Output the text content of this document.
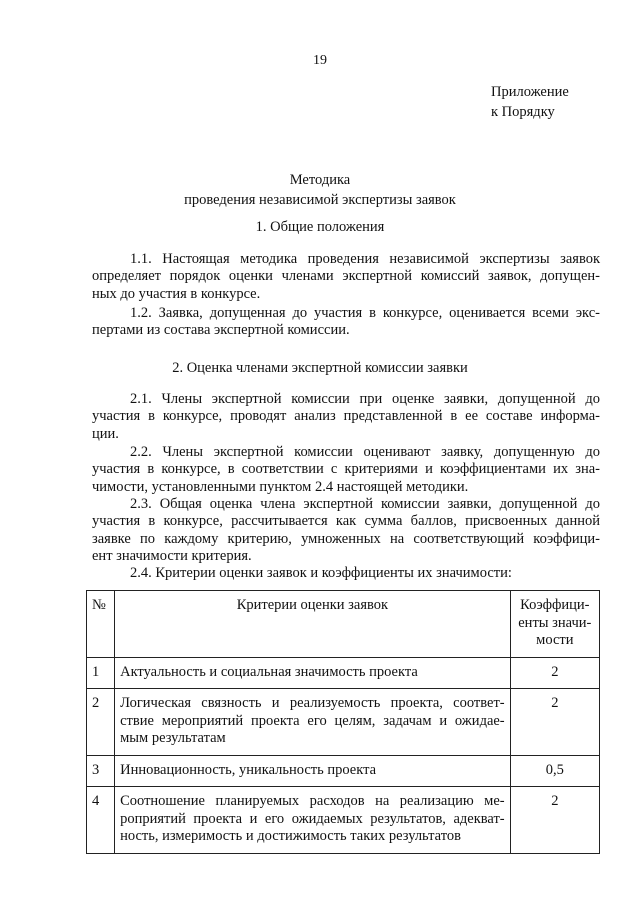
19
Приложение
к Порядку
Методика
проведения независимой экспертизы заявок
1. Общие положения
1.1. Настоящая методика проведения независимой экспертизы заявок
определяет порядок оценки членами экспертной комиссий заявок, допущен-
ных до участия в конкурсе.
1.2. Заявка, допущенная до участия в конкурсе, оценивается всеми экс-
пертами из состава экспертной комиссии.
2. Оценка членами экспертной комиссии заявки
2.1. Члены экспертной комиссии при оценке заявки, допущенной до
участия в конкурсе, проводят анализ представленной в ее составе информа-
ции.
2.2. Члены экспертной комиссии оценивают заявку, допущенную до
участия в конкурсе, в соответствии с критериями и коэффициентами их зна-
чимости, установленными пунктом 2.4 настоящей методики.
2.3. Общая оценка члена экспертной комиссии заявки, допущенной до
участия в конкурсе, рассчитывается как сумма баллов, присвоенных данной
заявке по каждому критерию, умноженных на соответствующий коэффици-
ент значимости критерия.
2.4. Критерии оценки заявок и коэффициенты их значимости:
№	Критерии оценки заявок	Коэффици-
енты значи-
мости

1	Актуальность и социальная значимость проекта	2
2	Логическая связность и реализуемость проекта, соответ-
ствие мероприятий проекта его целям, задачам и ожидае-
мым результатам	2
3	Инновационность, уникальность проекта	0,5
4	Соотношение планируемых расходов на реализацию ме-
роприятий проекта и его ожидаемых результатов, адекват-
ность, измеримость и достижимость таких результатов	2
